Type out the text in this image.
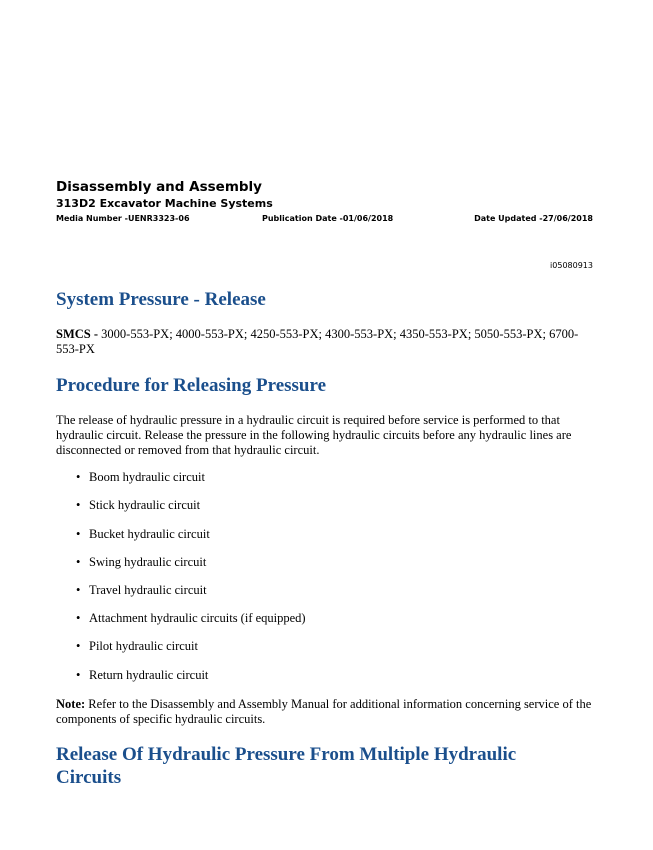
Disassembly and Assembly
313D2 Excavator Machine Systems
Media Number -UENR3323-06	Publication Date -01/06/2018	Date Updated -27/06/2018
i05080913
System Pressure - Release
SMCS - 3000-553-PX; 4000-553-PX; 4250-553-PX; 4300-553-PX; 4350-553-PX; 5050-553-PX; 6700-553-PX
Procedure for Releasing Pressure
The release of hydraulic pressure in a hydraulic circuit is required before service is performed to that hydraulic circuit. Release the pressure in the following hydraulic circuits before any hydraulic lines are disconnected or removed from that hydraulic circuit.
• Boom hydraulic circuit
• Stick hydraulic circuit
• Bucket hydraulic circuit
• Swing hydraulic circuit
• Travel hydraulic circuit
• Attachment hydraulic circuits (if equipped)
• Pilot hydraulic circuit
• Return hydraulic circuit
Note: Refer to the Disassembly and Assembly Manual for additional information concerning service of the components of specific hydraulic circuits.
Release Of Hydraulic Pressure From Multiple Hydraulic Circuits
